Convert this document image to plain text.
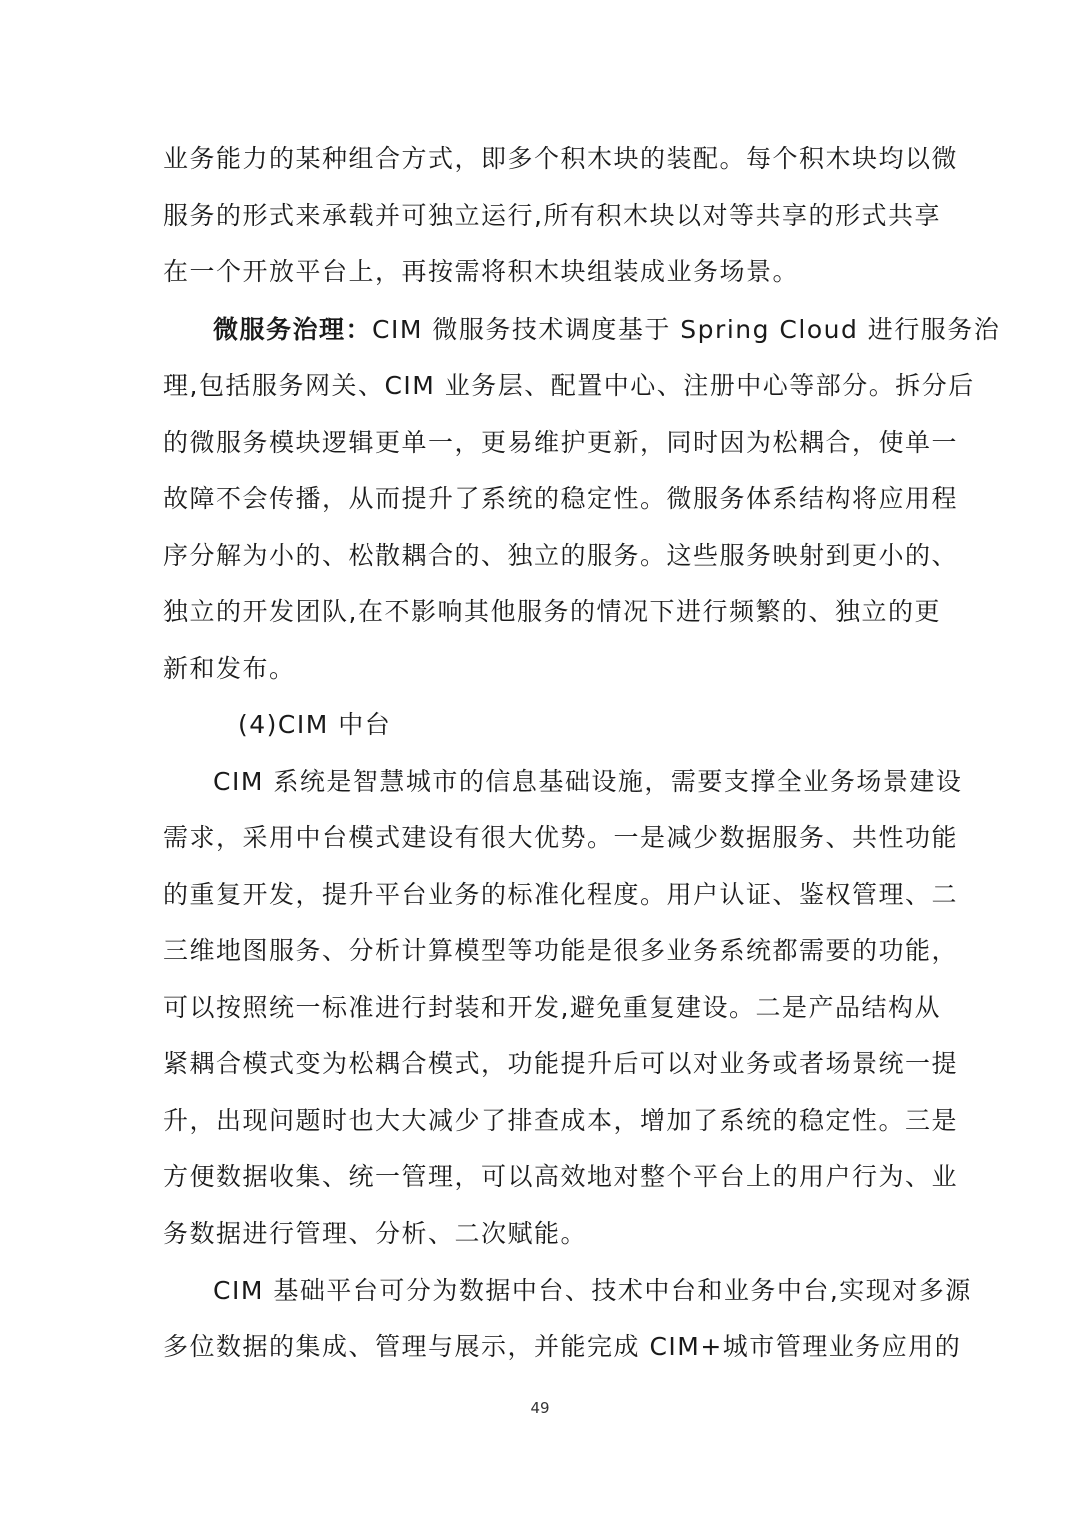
业务能力的某种组合方式，即多个积木块的装配。每个积木块均以微
服务的形式来承载并可独立运行,所有积木块以对等共享的形式共享
在一个开放平台上，再按需将积木块组装成业务场景。
微服务治理：CIM 微服务技术调度基于 Spring Cloud 进行服务治
理,包括服务网关、CIM 业务层、配置中心、注册中心等部分。拆分后
的微服务模块逻辑更单一，更易维护更新，同时因为松耦合，使单一
故障不会传播，从而提升了系统的稳定性。微服务体系结构将应用程
序分解为小的、松散耦合的、独立的服务。这些服务映射到更小的、
独立的开发团队,在不影响其他服务的情况下进行频繁的、独立的更
新和发布。
(4)CIM 中台
CIM 系统是智慧城市的信息基础设施，需要支撑全业务场景建设
需求，采用中台模式建设有很大优势。一是减少数据服务、共性功能
的重复开发，提升平台业务的标准化程度。用户认证、鉴权管理、二
三维地图服务、分析计算模型等功能是很多业务系统都需要的功能，
可以按照统一标准进行封装和开发,避免重复建设。二是产品结构从
紧耦合模式变为松耦合模式，功能提升后可以对业务或者场景统一提
升，出现问题时也大大减少了排查成本，增加了系统的稳定性。三是
方便数据收集、统一管理，可以高效地对整个平台上的用户行为、业
务数据进行管理、分析、二次赋能。
CIM 基础平台可分为数据中台、技术中台和业务中台,实现对多源
多位数据的集成、管理与展示，并能完成 CIM+城市管理业务应用的
49
